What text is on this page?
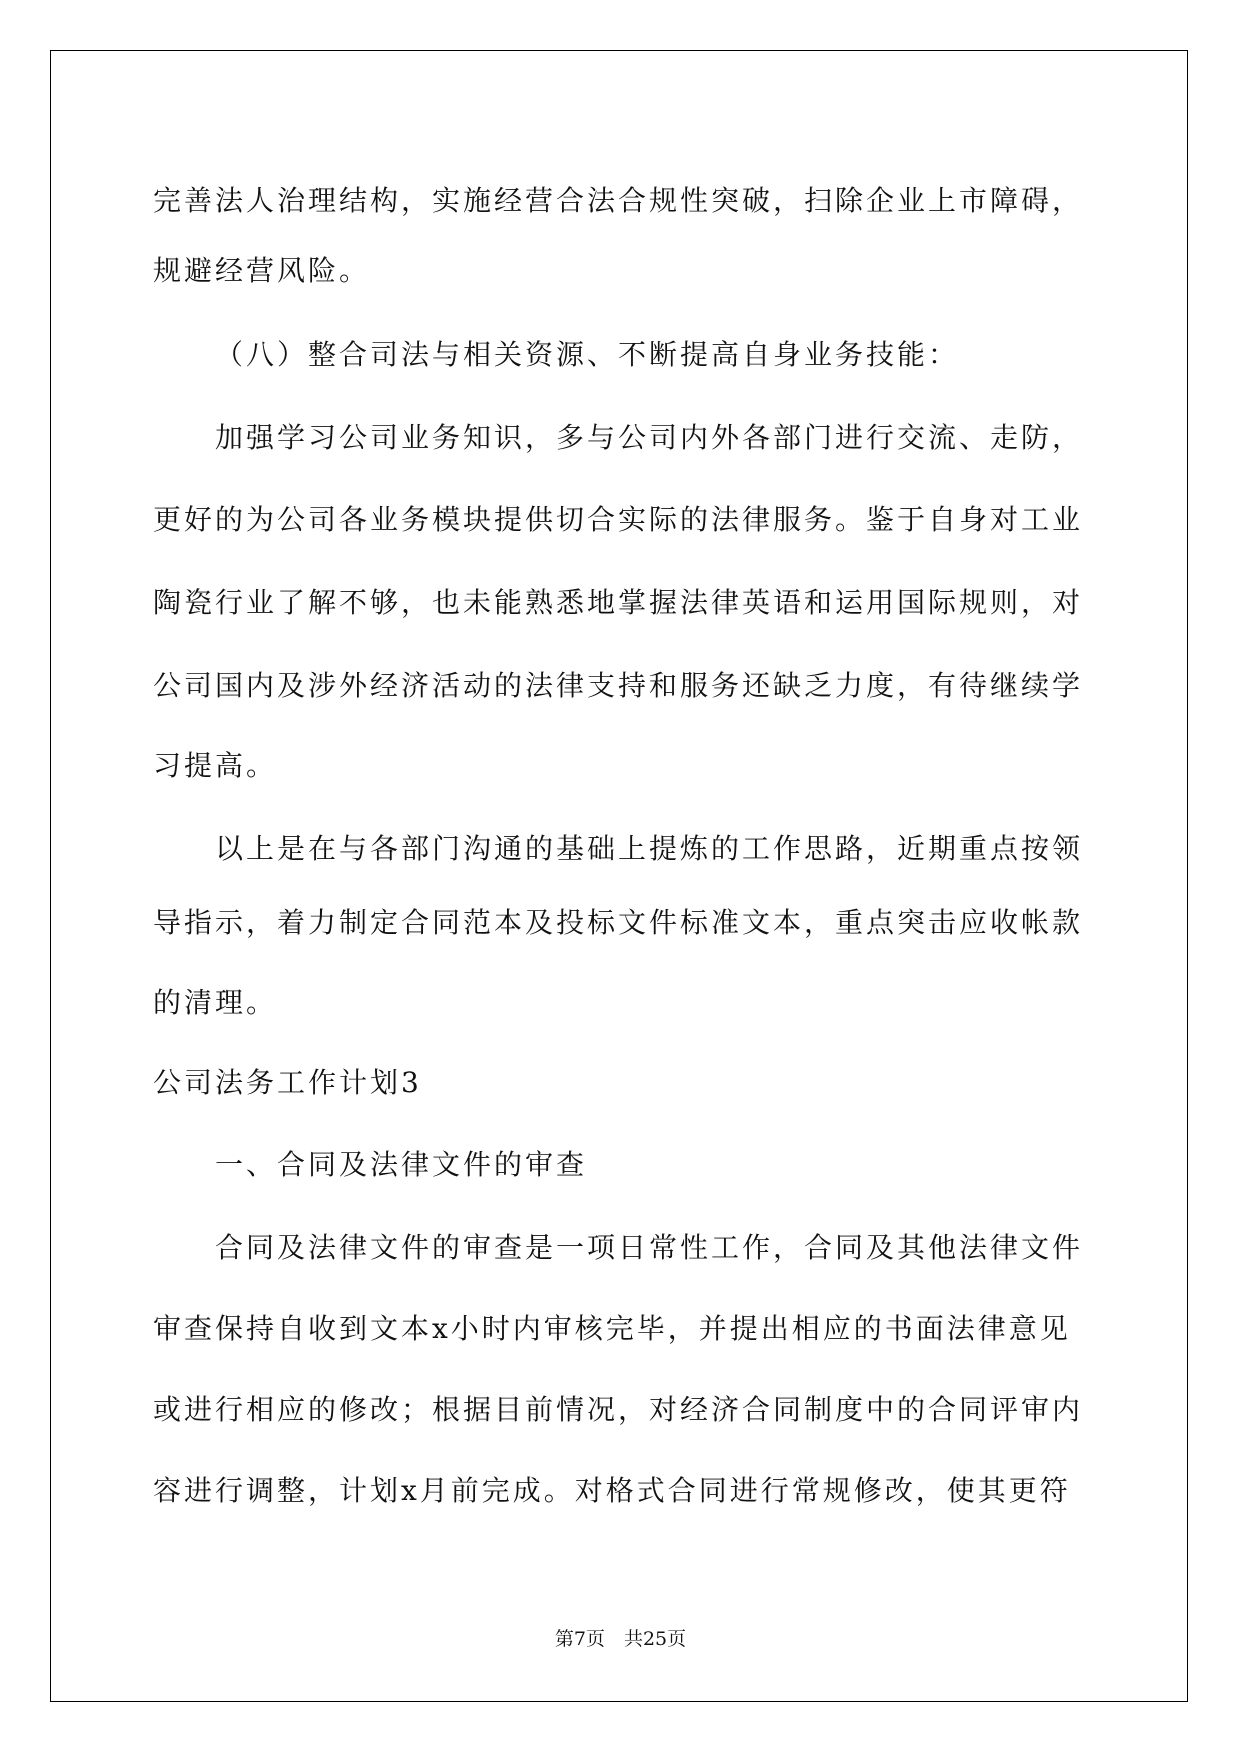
完善法人治理结构，实施经营合法合规性突破，扫除企业上市障碍，
规避经营风险。
（八）整合司法与相关资源、不断提高自身业务技能：
加强学习公司业务知识，多与公司内外各部门进行交流、走防，
更好的为公司各业务模块提供切合实际的法律服务。鉴于自身对工业
陶瓷行业了解不够，也未能熟悉地掌握法律英语和运用国际规则，对
公司国内及涉外经济活动的法律支持和服务还缺乏力度，有待继续学
习提高。
以上是在与各部门沟通的基础上提炼的工作思路，近期重点按领
导指示，着力制定合同范本及投标文件标准文本，重点突击应收帐款
的清理。
公司法务工作计划3
一、合同及法律文件的审查
合同及法律文件的审查是一项日常性工作，合同及其他法律文件
审查保持自收到文本x小时内审核完毕，并提出相应的书面法律意见
或进行相应的修改；根据目前情况，对经济合同制度中的合同评审内
容进行调整，计划x月前完成。对格式合同进行常规修改，使其更符
第7页　共25页
